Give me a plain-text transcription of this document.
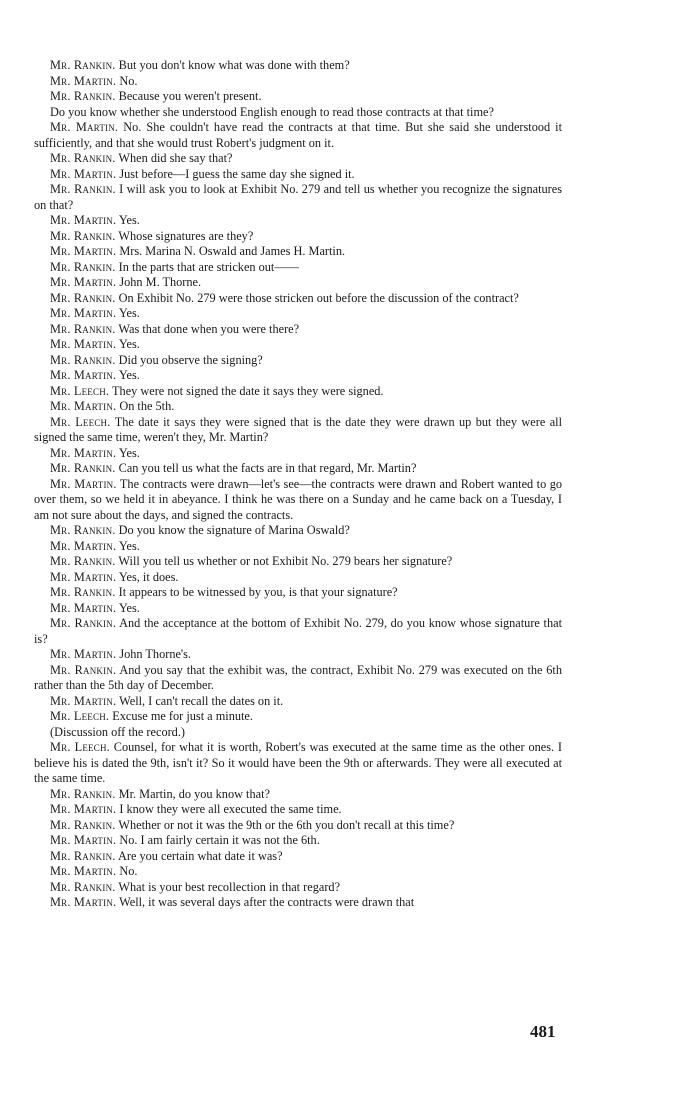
Mr. Rankin. But you don't know what was done with them?

Mr. Martin. No.

Mr. Rankin. Because you weren't present.

Do you know whether she understood English enough to read those contracts at that time?

Mr. Martin. No. She couldn't have read the contracts at that time. But she said she understood it sufficiently, and that she would trust Robert's judgment on it.

Mr. Rankin. When did she say that?

Mr. Martin. Just before—I guess the same day she signed it.

Mr. Rankin. I will ask you to look at Exhibit No. 279 and tell us whether you recognize the signatures on that?

Mr. Martin. Yes.

Mr. Rankin. Whose signatures are they?

Mr. Martin. Mrs. Marina N. Oswald and James H. Martin.

Mr. Rankin. In the parts that are stricken out——

Mr. Martin. John M. Thorne.

Mr. Rankin. On Exhibit No. 279 were those stricken out before the discussion of the contract?

Mr. Martin. Yes.

Mr. Rankin. Was that done when you were there?

Mr. Martin. Yes.

Mr. Rankin. Did you observe the signing?

Mr. Martin. Yes.

Mr. Leech. They were not signed the date it says they were signed.

Mr. Martin. On the 5th.

Mr. Leech. The date it says they were signed that is the date they were drawn up but they were all signed the same time, weren't they, Mr. Martin?

Mr. Martin. Yes.

Mr. Rankin. Can you tell us what the facts are in that regard, Mr. Martin?

Mr. Martin. The contracts were drawn—let's see—the contracts were drawn and Robert wanted to go over them, so we held it in abeyance. I think he was there on a Sunday and he came back on a Tuesday, I am not sure about the days, and signed the contracts.

Mr. Rankin. Do you know the signature of Marina Oswald?

Mr. Martin. Yes.

Mr. Rankin. Will you tell us whether or not Exhibit No. 279 bears her signature?

Mr. Martin. Yes, it does.

Mr. Rankin. It appears to be witnessed by you, is that your signature?

Mr. Martin. Yes.

Mr. Rankin. And the acceptance at the bottom of Exhibit No. 279, do you know whose signature that is?

Mr. Martin. John Thorne's.

Mr. Rankin. And you say that the exhibit was, the contract, Exhibit No. 279 was executed on the 6th rather than the 5th day of December.

Mr. Martin. Well, I can't recall the dates on it.

Mr. Leech. Excuse me for just a minute.

(Discussion off the record.)

Mr. Leech. Counsel, for what it is worth, Robert's was executed at the same time as the other ones. I believe his is dated the 9th, isn't it? So it would have been the 9th or afterwards. They were all executed at the same time.

Mr. Rankin. Mr. Martin, do you know that?

Mr. Martin. I know they were all executed the same time.

Mr. Rankin. Whether or not it was the 9th or the 6th you don't recall at this time?

Mr. Martin. No. I am fairly certain it was not the 6th.

Mr. Rankin. Are you certain what date it was?

Mr. Martin. No.

Mr. Rankin. What is your best recollection in that regard?

Mr. Martin. Well, it was several days after the contracts were drawn that

481
